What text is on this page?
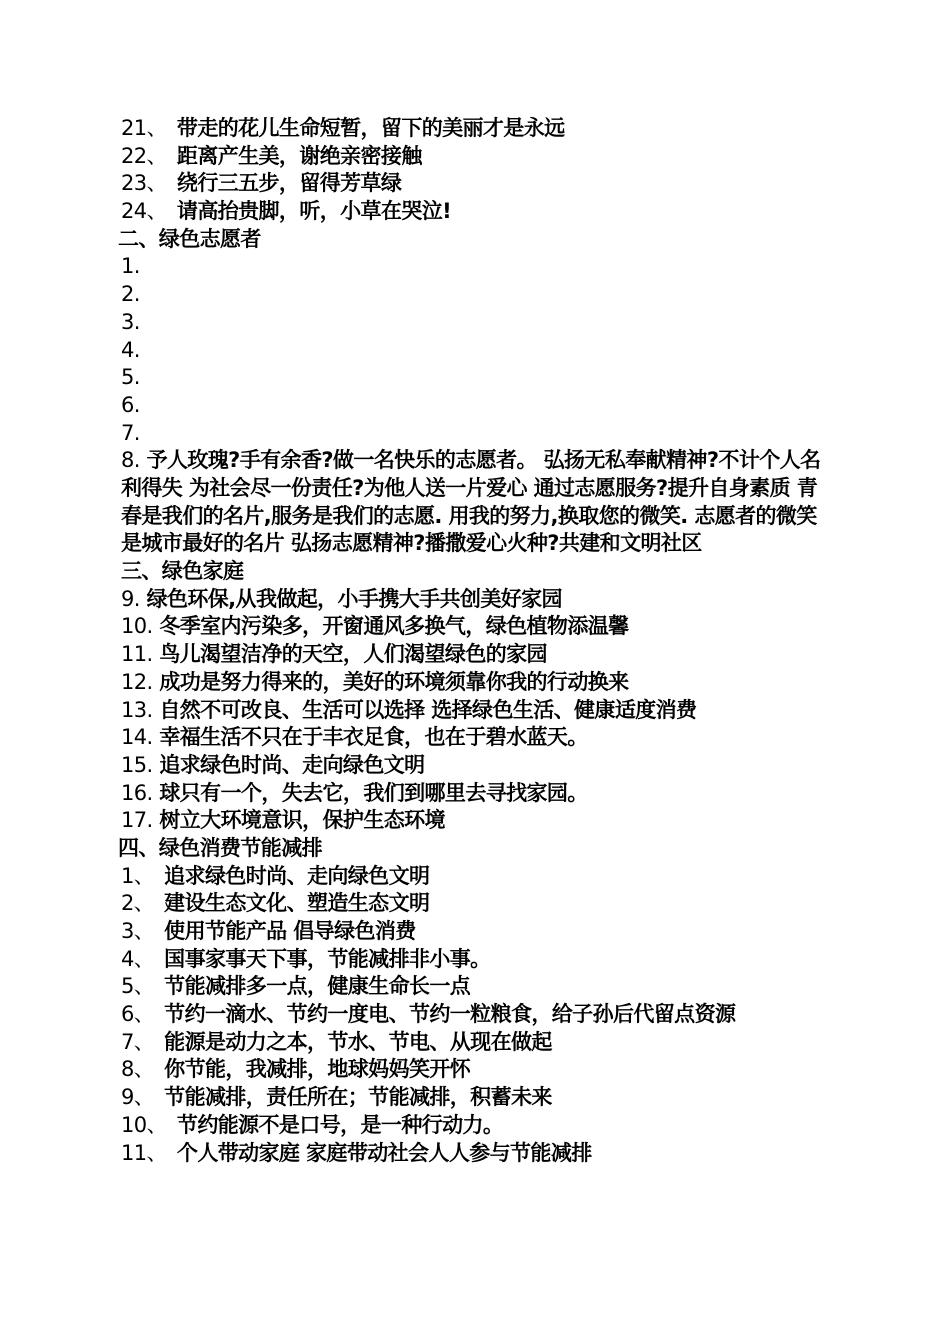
21、 带走的花儿生命短暂，留下的美丽才是永远
22、 距离产生美，谢绝亲密接触
23、 绕行三五步，留得芳草绿
24、 请高抬贵脚，听，小草在哭泣!
二、绿色志愿者
1.
2.
3.
4.
5.
6.
7.
8. 予人玫瑰?手有余香?做一名快乐的志愿者。 弘扬无私奉献精神?不计个人名利得失 为社会尽一份责任?为他人送一片爱心 通过志愿服务?提升自身素质 青春是我们的名片,服务是我们的志愿. 用我的努力,换取您的微笑. 志愿者的微笑是城市最好的名片 弘扬志愿精神?播撒爱心火种?共建和文明社区
三、绿色家庭
9. 绿色环保,从我做起，小手携大手共创美好家园
10. 冬季室内污染多，开窗通风多换气，绿色植物添温馨
11. 鸟儿渴望洁净的天空，人们渴望绿色的家园
12. 成功是努力得来的，美好的环境须靠你我的行动换来
13. 自然不可改良、生活可以选择 选择绿色生活、健康适度消费
14. 幸福生活不只在于丰衣足食，也在于碧水蓝天。
15. 追求绿色时尚、走向绿色文明
16. 球只有一个，失去它，我们到哪里去寻找家园。
17. 树立大环境意识，保护生态环境
四、绿色消费节能减排
1、 追求绿色时尚、走向绿色文明
2、 建设生态文化、塑造生态文明
3、 使用节能产品 倡导绿色消费
4、 国事家事天下事，节能减排非小事。
5、 节能减排多一点，健康生命长一点
6、 节约一滴水、节约一度电、节约一粒粮食，给子孙后代留点资源
7、 能源是动力之本，节水、节电、从现在做起
8、 你节能，我减排，地球妈妈笑开怀
9、 节能减排，责任所在；节能减排，积蓄未来
10、 节约能源不是口号，是一种行动力。
11、 个人带动家庭 家庭带动社会人人参与节能减排
